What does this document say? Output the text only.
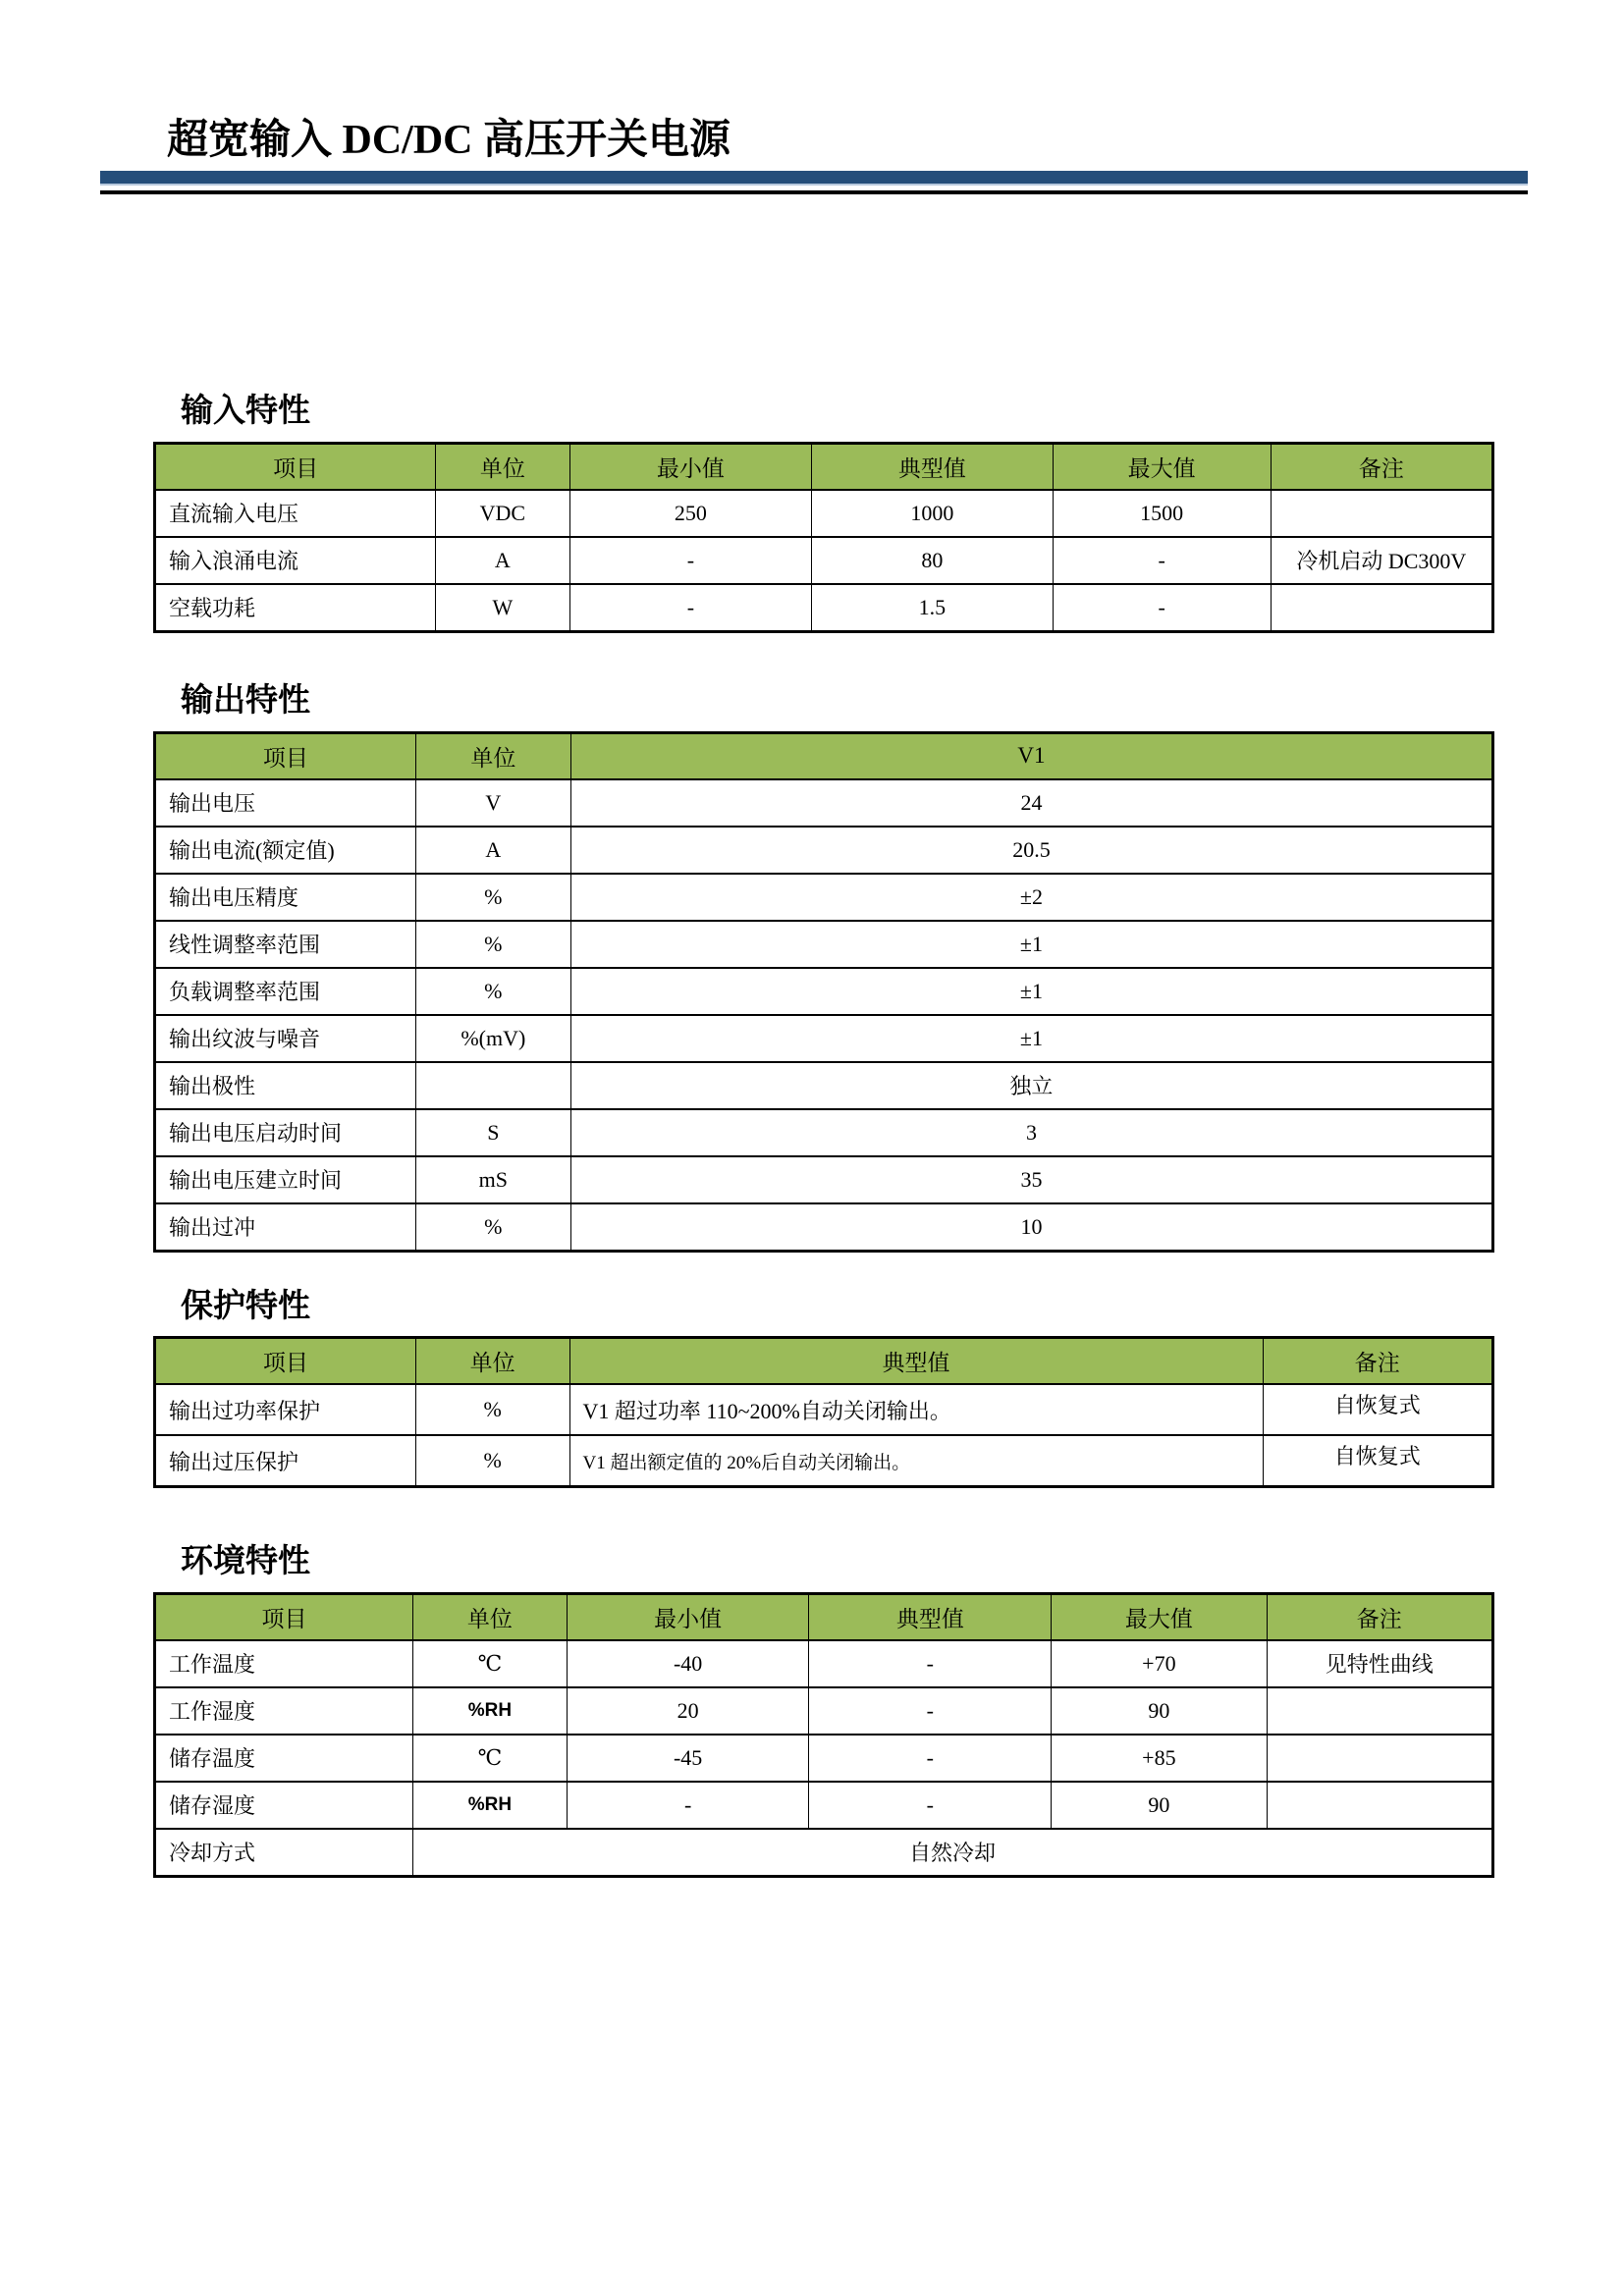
超宽输入 DC/DC 高压开关电源
输入特性
项目	单位	最小值	典型值	最大值	备注
直流输入电压	VDC	250	1000	1500	
输入浪涌电流	A	-	80	-	冷机启动 DC300V
空载功耗	W	-	1.5	-	
输出特性
项目	单位	V1
输出电压	V	24
输出电流(额定值)	A	20.5
输出电压精度	%	±2
线性调整率范围	%	±1
负载调整率范围	%	±1
输出纹波与噪音	%(mV)	±1
输出极性		独立
输出电压启动时间	S	3
输出电压建立时间	mS	35
输出过冲	%	10
保护特性
项目	单位	典型值	备注
输出过功率保护	%	V1 超过功率 110~200%自动关闭输出。	自恢复式
输出过压保护	%	V1 超出额定值的 20%后自动关闭输出。	自恢复式
环境特性
项目	单位	最小值	典型值	最大值	备注
工作温度	℃	-40	-	+70	见特性曲线
工作湿度	%RH	20	-	90	
储存温度	℃	-45	-	+85	
储存湿度	%RH	-	-	90	
冷却方式	自然冷却				
